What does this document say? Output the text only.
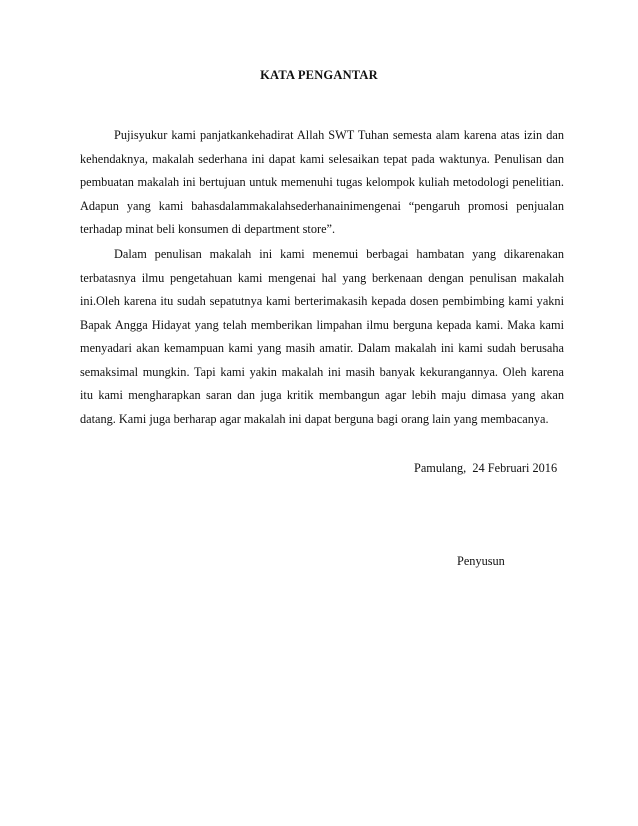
KATA PENGANTAR
Pujisyukur kami panjatkankehadirat Allah SWT Tuhan semesta alam karena atas izin dan
kehendaknya, makalah sederhana ini dapat kami selesaikan tepat pada waktunya. Penulisan dan
pembuatan makalah ini bertujuan untuk memenuhi tugas kelompok kuliah metodologi penelitian.
Adapun yang kami bahasdalammakalahsederhanainimengenai “pengaruh promosi penjualan
terhadap minat beli konsumen di department store”.
Dalam penulisan makalah ini kami menemui berbagai hambatan yang dikarenakan
terbatasnya ilmu pengetahuan kami mengenai hal yang berkenaan dengan penulisan makalah
ini.Oleh karena itu sudah sepatutnya kami berterimakasih kepada dosen pembimbing kami yakni
Bapak Angga Hidayat yang telah memberikan limpahan ilmu berguna kepada kami. Maka kami
menyadari akan kemampuan kami yang masih amatir. Dalam makalah ini kami sudah berusaha
semaksimal mungkin. Tapi kami yakin makalah ini masih banyak kekurangannya. Oleh karena
itu kami mengharapkan saran dan juga kritik membangun agar lebih maju dimasa yang akan
datang. Kami juga berharap agar makalah ini dapat berguna bagi orang lain yang membacanya.
Pamulang,  24 Februari 2016
Penyusun
